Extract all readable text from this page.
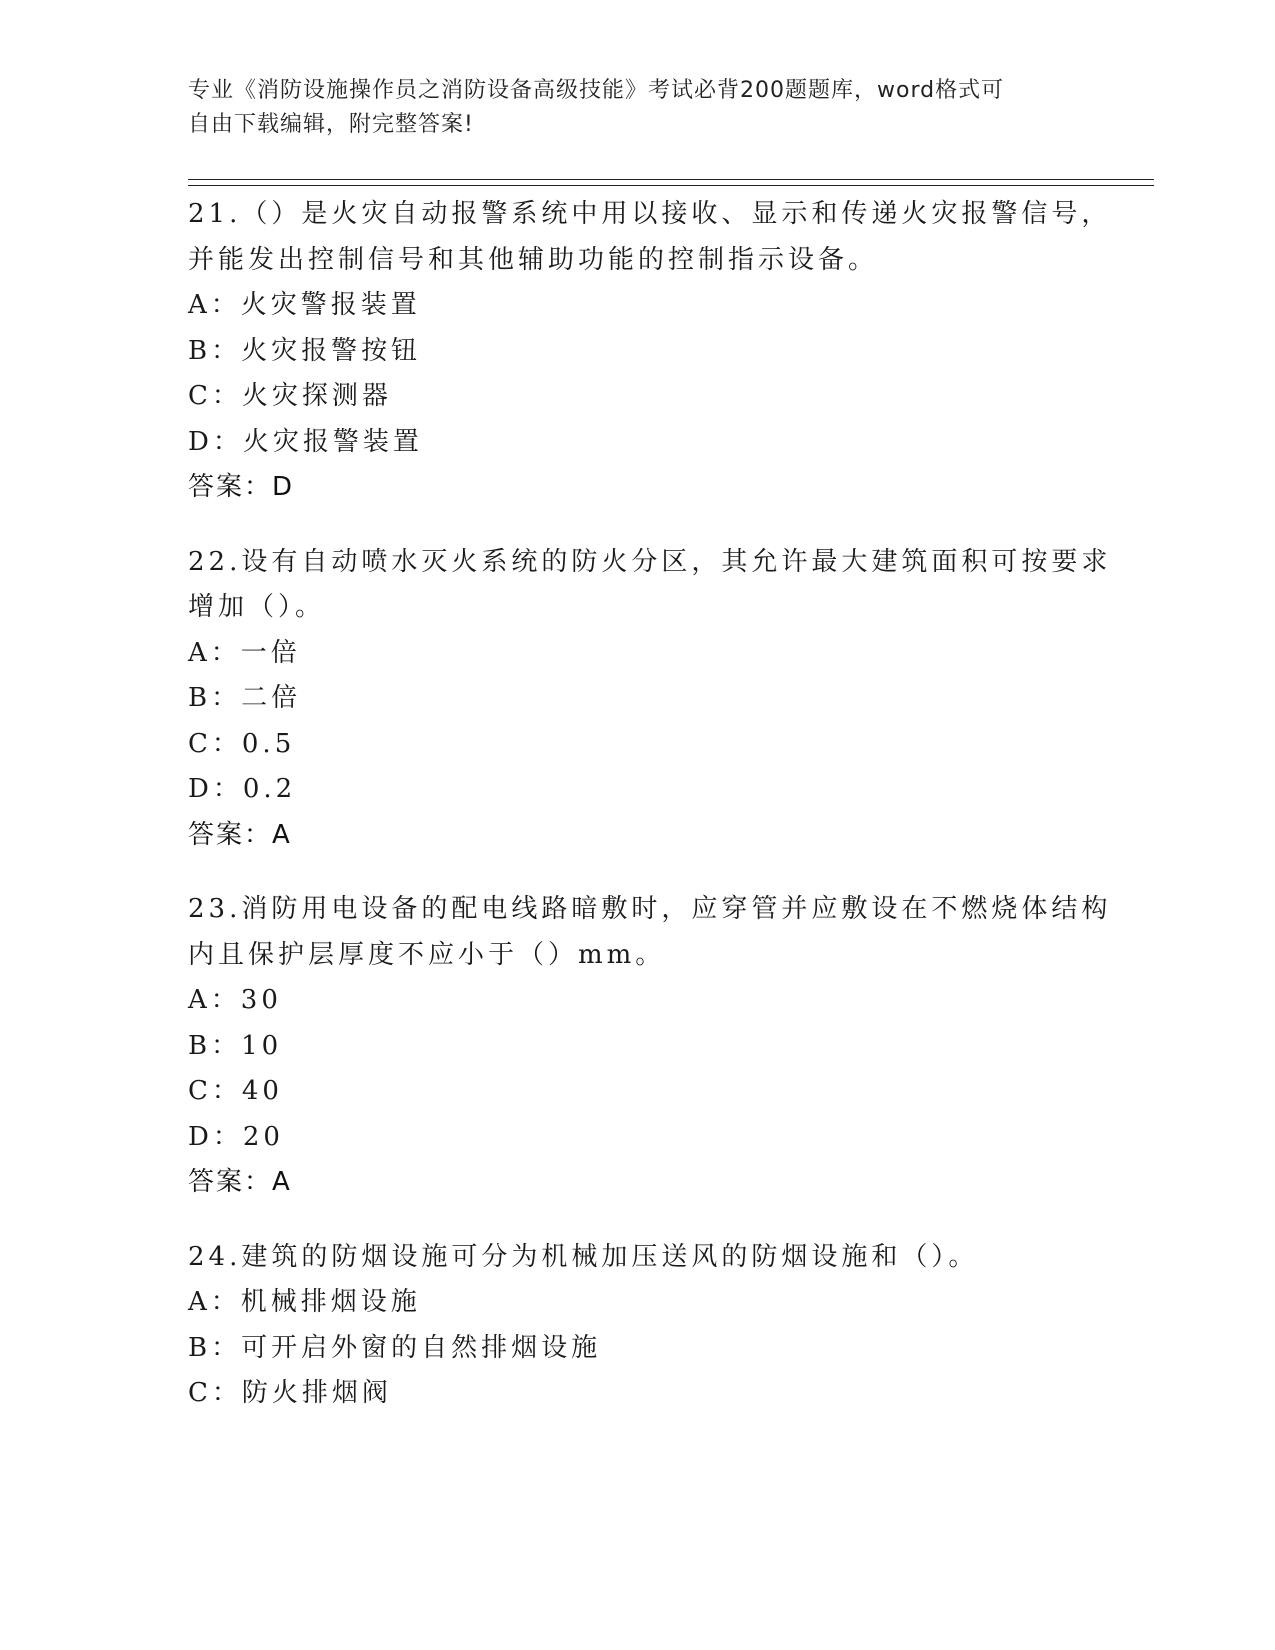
专业《消防设施操作员之消防设备高级技能》考试必背200题题库，word格式可
自由下载编辑，附完整答案!
21.（）是火灾自动报警系统中用以接收、显示和传递火灾报警信号，
并能发出控制信号和其他辅助功能的控制指示设备。
A：火灾警报装置
B：火灾报警按钮
C：火灾探测器
D：火灾报警装置
答案：D
22.设有自动喷水灭火系统的防火分区，其允许最大建筑面积可按要求
增加（）。
A：一倍
B：二倍
C：0.5
D：0.2
答案：A
23.消防用电设备的配电线路暗敷时，应穿管并应敷设在不燃烧体结构
内且保护层厚度不应小于（）mm。
A：30
B：10
C：40
D：20
答案：A
24.建筑的防烟设施可分为机械加压送风的防烟设施和（）。
A：机械排烟设施
B：可开启外窗的自然排烟设施
C：防火排烟阀
